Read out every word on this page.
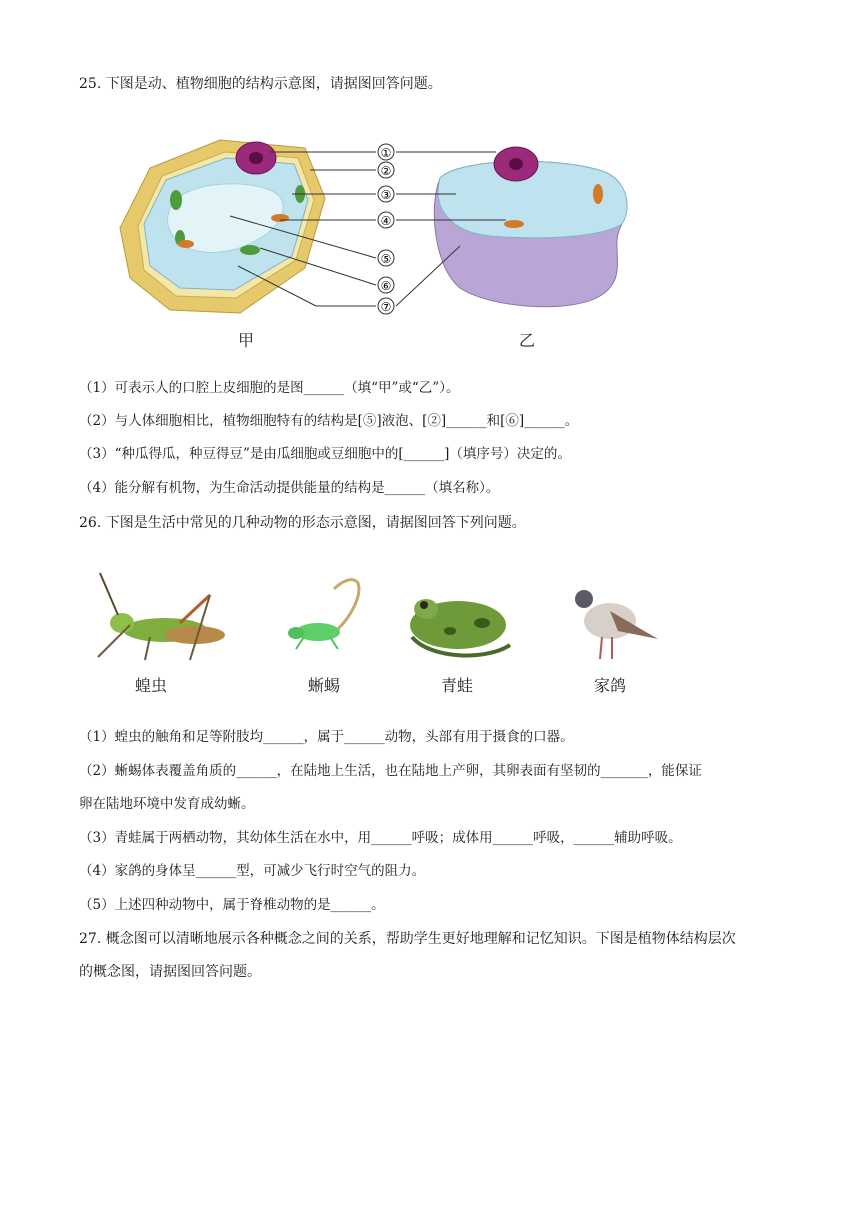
25. 下图是动、植物细胞的结构示意图，请据图回答问题。
①
②
③
④
⑤
⑥
⑦
甲	乙
（1）可表示人的口腔上皮细胞的是图______（填“甲”或“乙”）。
（2）与人体细胞相比，植物细胞特有的结构是[⑤]液泡、[②]______和[⑥]______。
（3）“种瓜得瓜，种豆得豆”是由瓜细胞或豆细胞中的[______]（填序号）决定的。
（4）能分解有机物，为生命活动提供能量的结构是______（填名称）。
26. 下图是生活中常见的几种动物的形态示意图，请据图回答下列问题。
蝗虫	蜥蜴	青蛙	家鸽
（1）蝗虫的触角和足等附肢均______，属于______动物，头部有用于摄食的口器。
（2）蜥蜴体表覆盖角质的______，在陆地上生活，也在陆地上产卵，其卵表面有坚韧的_______，能保证
卵在陆地环境中发育成幼蜥。
（3）青蛙属于两栖动物，其幼体生活在水中，用______呼吸；成体用______呼吸，______辅助呼吸。
（4）家鸽的身体呈______型，可减少飞行时空气的阻力。
（5）上述四种动物中，属于脊椎动物的是______。
27. 概念图可以清晰地展示各种概念之间的关系，帮助学生更好地理解和记忆知识。下图是植物体结构层次
的概念图，请据图回答问题。
